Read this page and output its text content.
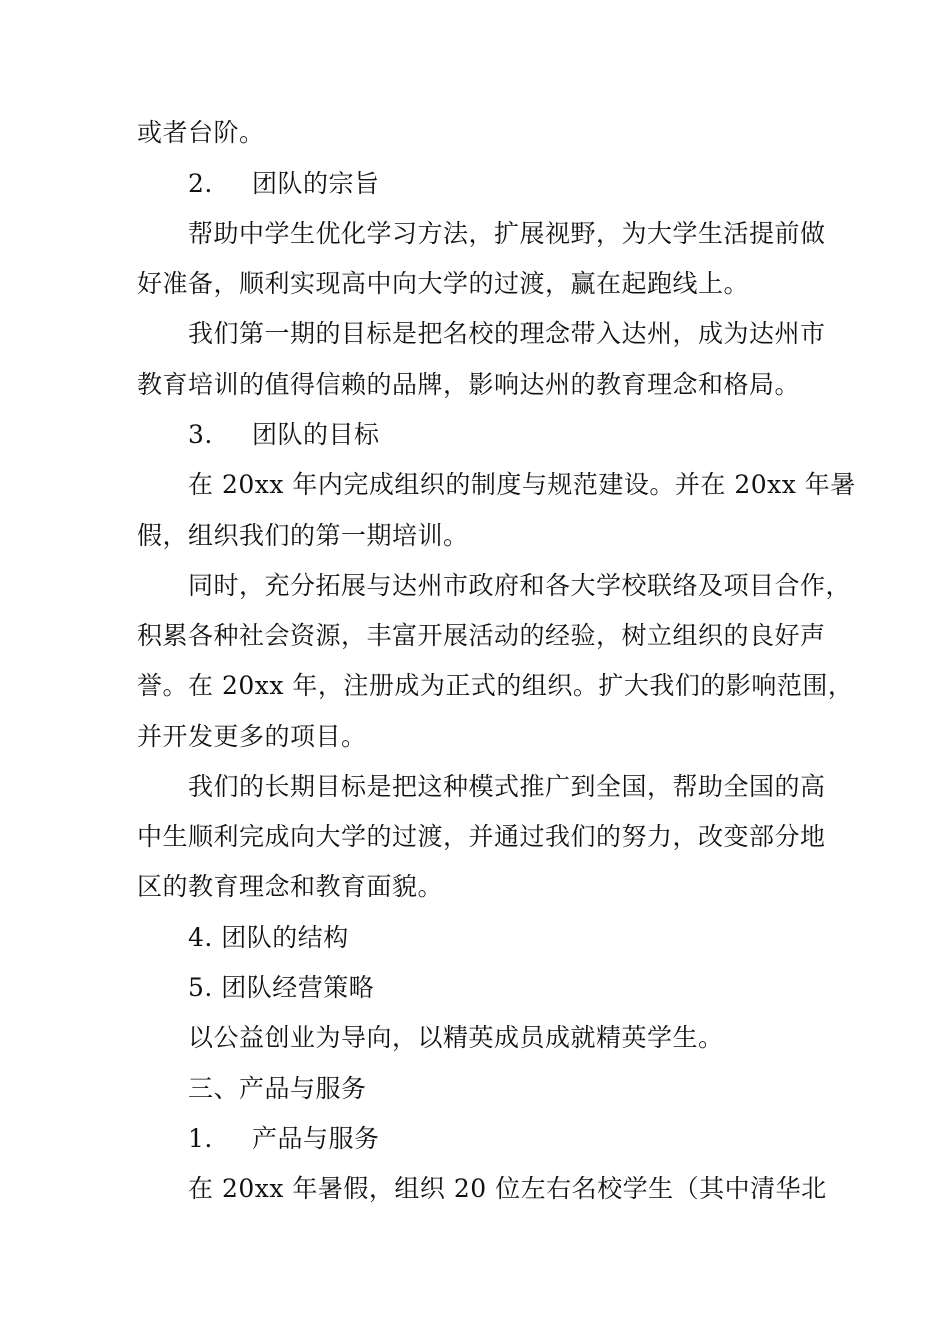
或者台阶。
2. 团队的宗旨
帮助中学生优化学习方法，扩展视野，为大学生活提前做
好准备，顺利实现高中向大学的过渡，赢在起跑线上。
我们第一期的目标是把名校的理念带入达州，成为达州市
教育培训的值得信赖的品牌，影响达州的教育理念和格局。
3. 团队的目标
在 20xx 年内完成组织的制度与规范建设。并在 20xx 年暑
假，组织我们的第一期培训。
同时，充分拓展与达州市政府和各大学校联络及项目合作，
积累各种社会资源，丰富开展活动的经验，树立组织的良好声
誉。在 20xx 年，注册成为正式的组织。扩大我们的影响范围，
并开发更多的项目。
我们的长期目标是把这种模式推广到全国，帮助全国的高
中生顺利完成向大学的过渡，并通过我们的努力，改变部分地
区的教育理念和教育面貌。
4. 团队的结构
5. 团队经营策略
以公益创业为导向，以精英成员成就精英学生。
三、产品与服务
1. 产品与服务
在 20xx 年暑假，组织 20 位左右名校学生（其中清华北
